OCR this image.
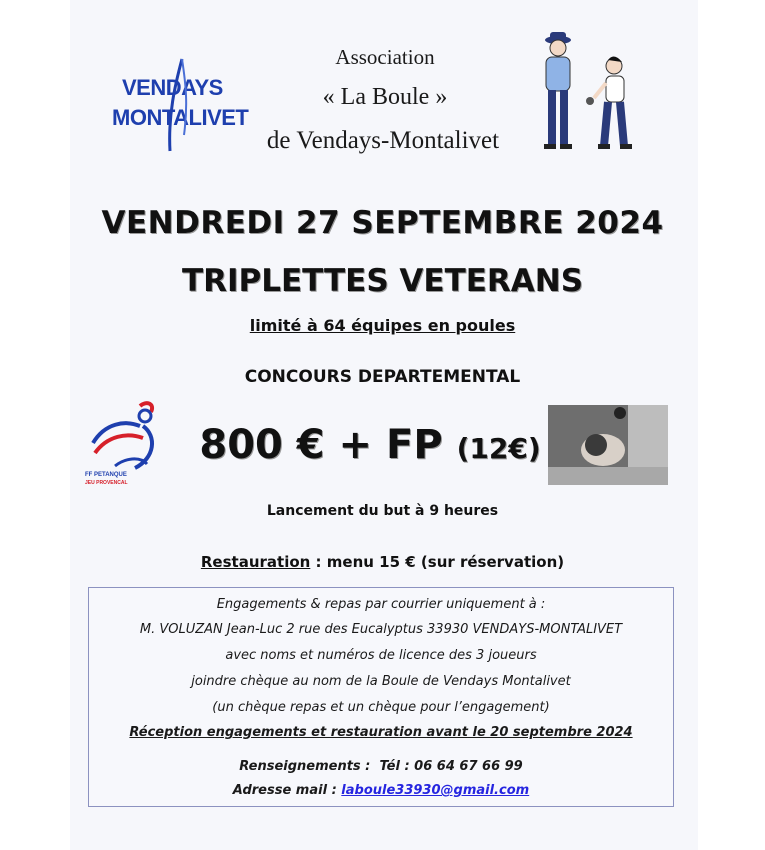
VENDAYS
MONTALIVET
Association
« La Boule »
de Vendays-Montalivet
VENDREDI 27 SEPTEMBRE 2024
TRIPLETTES VETERANS
limité à 64 équipes en poules
CONCOURS DEPARTEMENTAL
FF PETANQUE
JEU PROVENCAL
800 € + FP (12€)
Lancement du but à 9 heures
Restauration : menu 15 € (sur réservation)
Engagements & repas par courrier uniquement à :
M. VOLUZAN Jean-Luc 2 rue des Eucalyptus 33930 VENDAYS-MONTALIVET
avec noms et numéros de licence des 3 joueurs
joindre chèque au nom de la Boule de Vendays Montalivet
(un chèque repas et un chèque pour l’engagement)
Réception engagements et restauration avant le 20 septembre 2024
Renseignements : Tél : 06 64 67 66 99
Adresse mail : laboule33930@gmail.com
